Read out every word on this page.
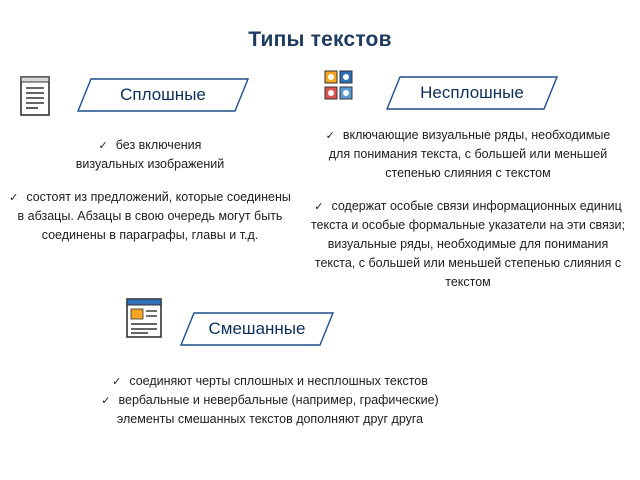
Типы текстов
Сплошные

✓ без включения
визуальных изображений

✓ состоят из предложений, которые соединены
в абзацы. Абзацы в свою очередь могут быть
соединены в параграфы, главы и т.д.

Несплошные

✓ включающие визуальные ряды, необходимые
для понимания текста, с большей или меньшей
степенью слияния с текстом

✓ содержат особые связи информационных единиц
текста и особые формальные указатели на эти связи;
визуальные ряды, необходимые для понимания
текста, с большей или меньшей степенью слияния с
текстом

Смешанные

✓ соединяют черты сплошных и несплошных текстов

✓ вербальные и невербальные (например, графические)
элементы смешанных текстов дополняют друг друга
